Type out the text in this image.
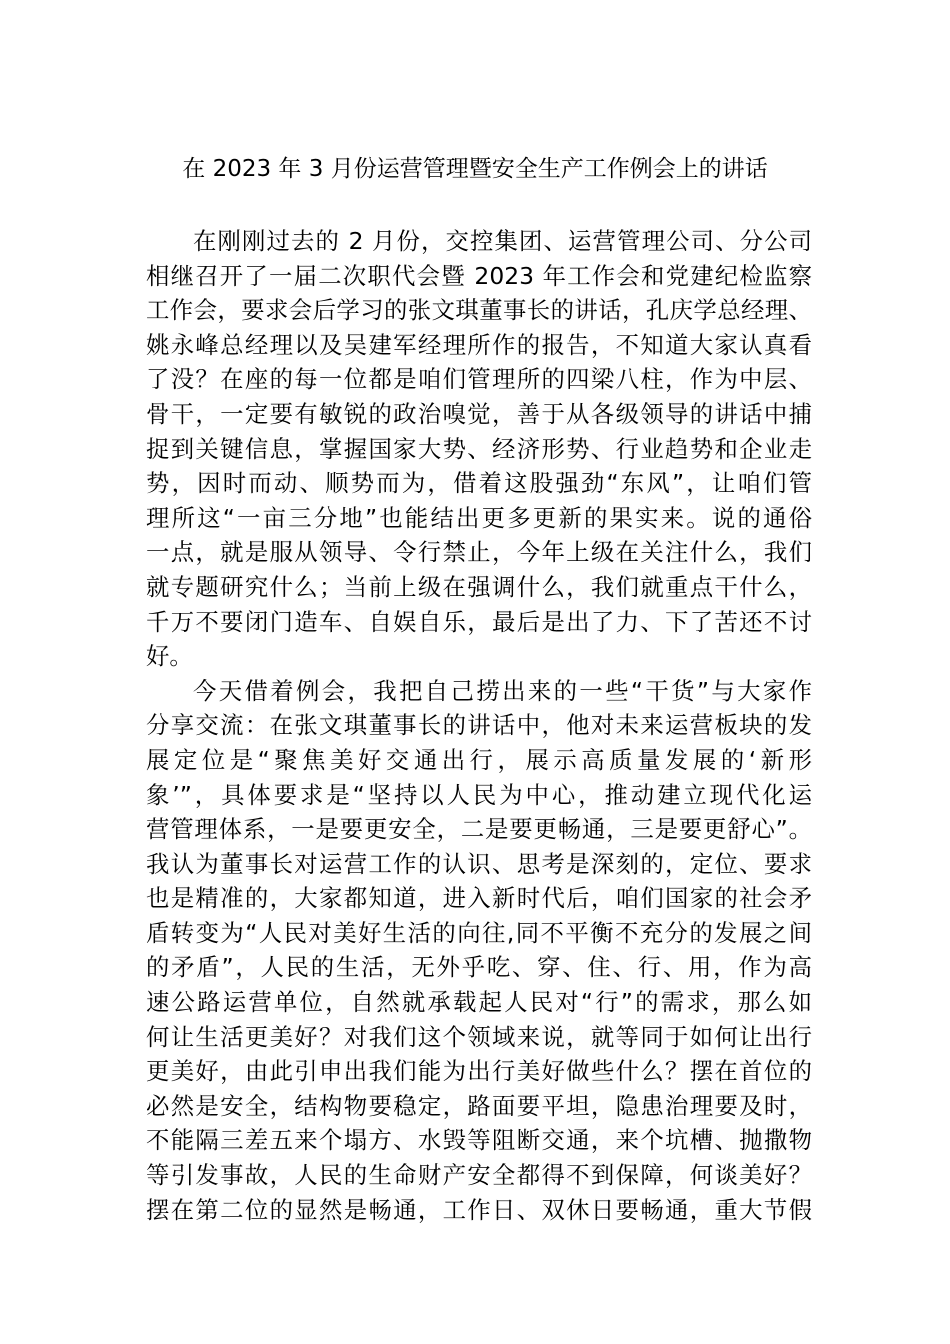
在 2023 年 3 月份运营管理暨安全生产工作例会上的讲话
在刚刚过去的 2 月份，交控集团、运营管理公司、分公司
相继召开了一届二次职代会暨 2023 年工作会和党建纪检监察
工作会，要求会后学习的张文琪董事长的讲话，孔庆学总经理、
姚永峰总经理以及吴建军经理所作的报告，不知道大家认真看
了没？在座的每一位都是咱们管理所的四梁八柱，作为中层、
骨干，一定要有敏锐的政治嗅觉，善于从各级领导的讲话中捕
捉到关键信息，掌握国家大势、经济形势、行业趋势和企业走
势，因时而动、顺势而为，借着这股强劲“东风”，让咱们管
理所这“一亩三分地”也能结出更多更新的果实来。说的通俗
一点，就是服从领导、令行禁止，今年上级在关注什么，我们
就专题研究什么；当前上级在强调什么，我们就重点干什么，
千万不要闭门造车、自娱自乐，最后是出了力、下了苦还不讨
好。
今天借着例会，我把自己捞出来的一些“干货”与大家作
分享交流：在张文琪董事长的讲话中，他对未来运营板块的发
展定位是“聚焦美好交通出行，展示高质量发展的‘新形
象’”，具体要求是“坚持以人民为中心，推动建立现代化运
营管理体系，一是要更安全，二是要更畅通，三是要更舒心”。
我认为董事长对运营工作的认识、思考是深刻的，定位、要求
也是精准的，大家都知道，进入新时代后，咱们国家的社会矛
盾转变为“人民对美好生活的向往,同不平衡不充分的发展之间
的矛盾”，人民的生活，无外乎吃、穿、住、行、用，作为高
速公路运营单位，自然就承载起人民对“行”的需求，那么如
何让生活更美好？对我们这个领域来说，就等同于如何让出行
更美好，由此引申出我们能为出行美好做些什么？摆在首位的
必然是安全，结构物要稳定，路面要平坦，隐患治理要及时，
不能隔三差五来个塌方、水毁等阻断交通，来个坑槽、抛撒物
等引发事故，人民的生命财产安全都得不到保障，何谈美好？
摆在第二位的显然是畅通，工作日、双休日要畅通，重大节假
